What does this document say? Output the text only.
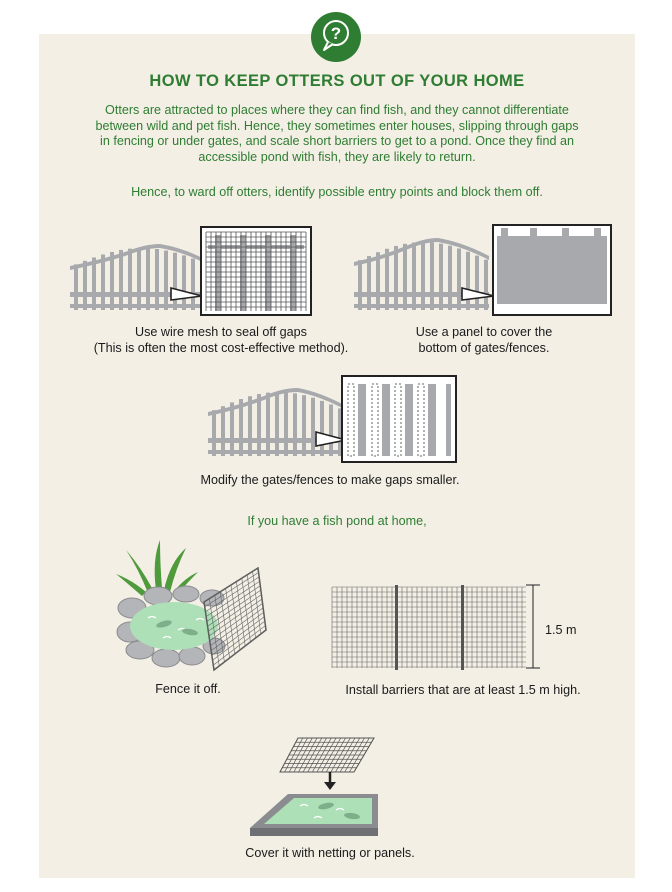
?
HOW TO KEEP OTTERS OUT OF YOUR HOME
Otters are attracted to places where they can find fish, and they cannot differentiate
between wild and pet fish. Hence, they sometimes enter houses, slipping through gaps
in fencing or under gates, and scale short barriers to get to a pond. Once they find an
accessible pond with fish, they are likely to return.
Hence, to ward off otters, identify possible entry points and block them off.
Use wire mesh to seal off gaps
(This is often the most cost-effective method).
Use a panel to cover the
bottom of gates/fences.
Modify the gates/fences to make gaps smaller.
If you have a fish pond at home,
Fence it off.
1.5 m
Install barriers that are at least 1.5 m high.
Cover it with netting or panels.
